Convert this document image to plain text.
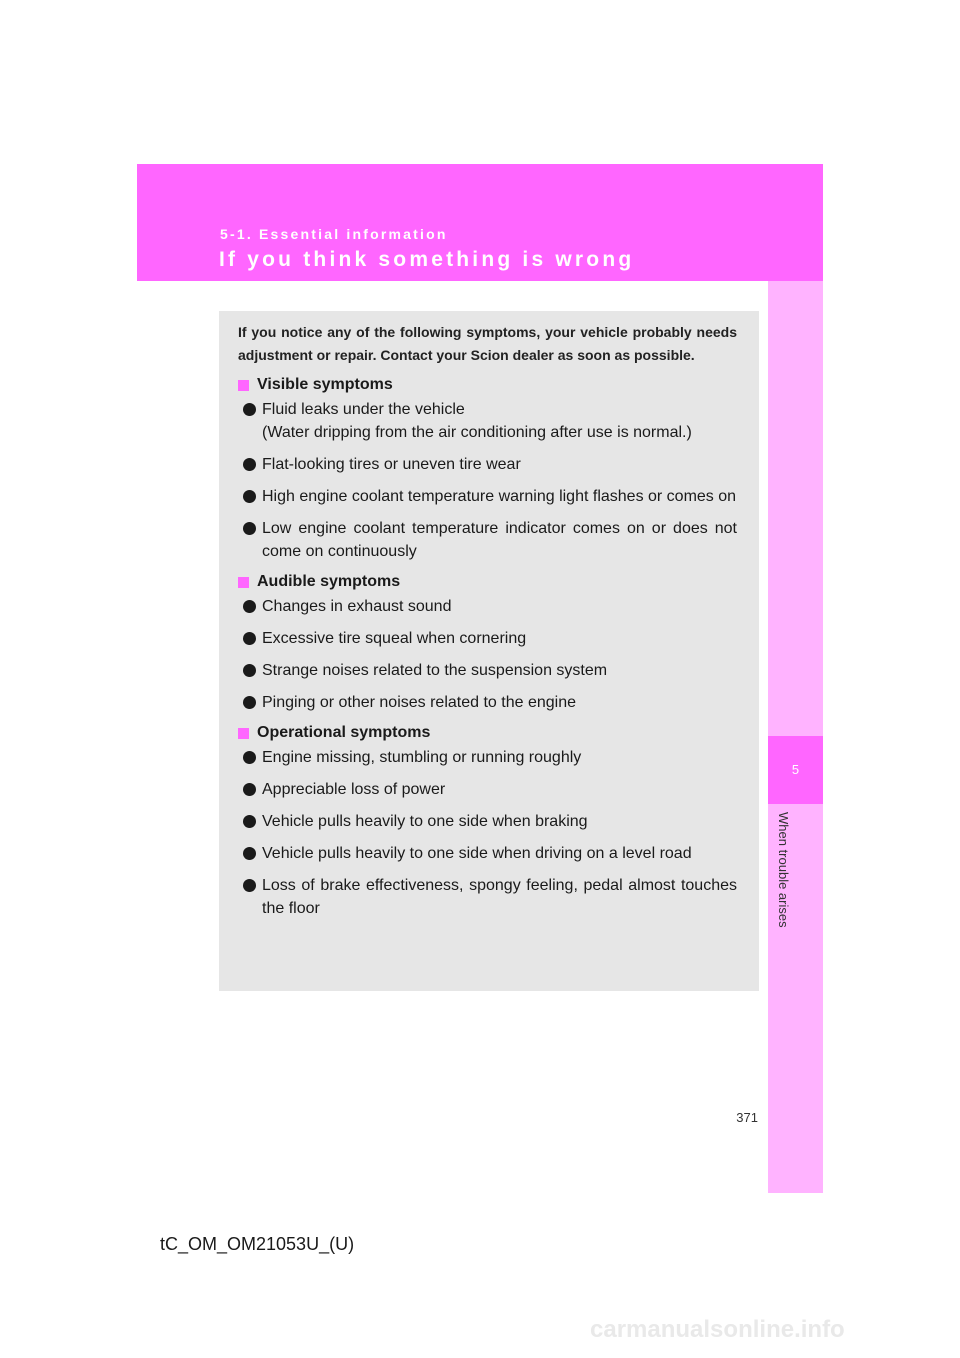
5-1. Essential information
If you think something is wrong
5
When trouble arises

If you notice any of the following symptoms, your vehicle probably needs adjustment or repair. Contact your Scion dealer as soon as possible.

Visible symptoms
Fluid leaks under the vehicle
(Water dripping from the air conditioning after use is normal.)
Flat-looking tires or uneven tire wear
High engine coolant temperature warning light flashes or comes on
Low engine coolant temperature indicator comes on or does not come on continuously
Audible symptoms
Changes in exhaust sound
Excessive tire squeal when cornering
Strange noises related to the suspension system
Pinging or other noises related to the engine
Operational symptoms
Engine missing, stumbling or running roughly
Appreciable loss of power
Vehicle pulls heavily to one side when braking
Vehicle pulls heavily to one side when driving on a level road
Loss of brake effectiveness, spongy feeling, pedal almost touches the floor
371
tC_OM_OM21053U_(U)
carmanualsonline.info
